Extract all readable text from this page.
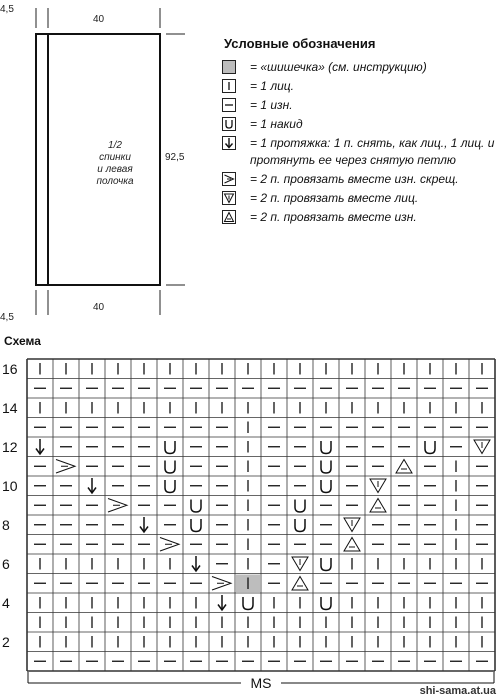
4,5
40
92,5
40
4,5
1/2
спинки
и левая
полочка
Условные обозначения
= «шишечка» (см. инструкцию)
= 1 лиц.
= 1 изн.
= 1 накид
= 1 протяжка: 1 п. снять, как лиц., 1 лиц. и протянуть ее через снятую петлю
= 2 п. провязать вместе изн. скрещ.
= 2 п. провязать вместе лиц.
= 2 п. провязать вместе изн.
Схема
16
14
12
10
8
6
4
2
MS	shi-sama.at.ua
